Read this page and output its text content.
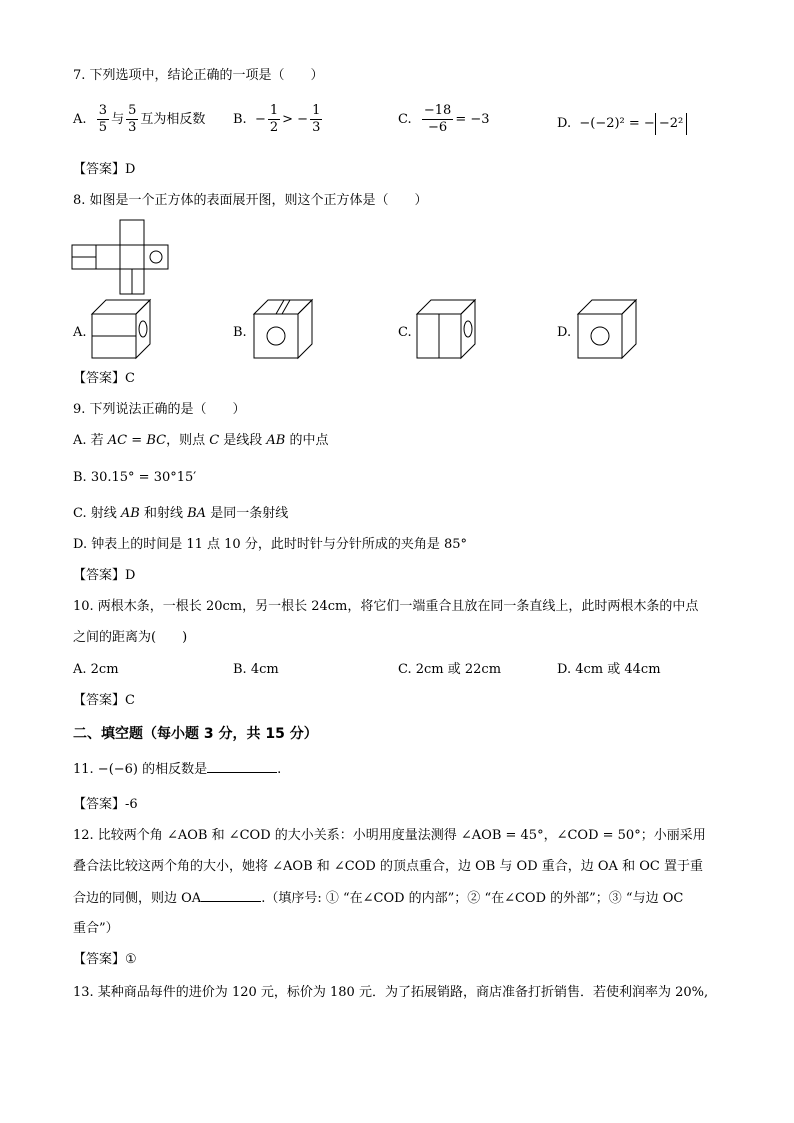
7. 下列选项中，结论正确的一项是（　　）
A. $\frac{3}{5}$ 与 $\frac{5}{3}$ 互为相反数 B. − $\frac{1}{2}$ > − $\frac{1}{3}$	C. $\frac{-18}{-6} = -3$	D. −(−2)² = − −2²
【答案】D
8. 如图是一个正方体的表面展开图，则这个正方体是（　　）
A.	B.	C.	D.
【答案】C
9. 下列说法正确的是（　　）
A. 若 AC = BC，则点 C 是线段 AB 的中点
B. 30.15° = 30°15′
C. 射线 AB 和射线 BA 是同一条射线
D. 钟表上的时间是 11 点 10 分，此时时针与分针所成的夹角是 85°
【答案】D
10. 两根木条，一根长 20cm，另一根长 24cm，将它们一端重合且放在同一条直线上，此时两根木条的中点
之间的距离为(　　)
A. 2cm	B. 4cm	C. 2cm 或 22cm	D. 4cm 或 44cm
【答案】C
二、填空题（每小题 3 分，共 15 分）
11. −(−6) 的相反数是	.
【答案】-6
12. 比较两个角 ∠AOB 和 ∠COD 的大小关系：小明用度量法测得 ∠AOB = 45°，∠COD = 50°；小丽采用
叠合法比较这两个角的大小，她将 ∠AOB 和 ∠COD 的顶点重合，边 OB 与 OD 重合，边 OA 和 OC 置于重
合边的同侧，则边 OA	.（填序号: ① “在∠COD 的内部”；② “在∠COD 的外部”；③ “与边 OC
重合”）
【答案】①
13. 某种商品每件的进价为 120 元，标价为 180 元．为了拓展销路，商店准备打折销售．若使利润率为 20%,
